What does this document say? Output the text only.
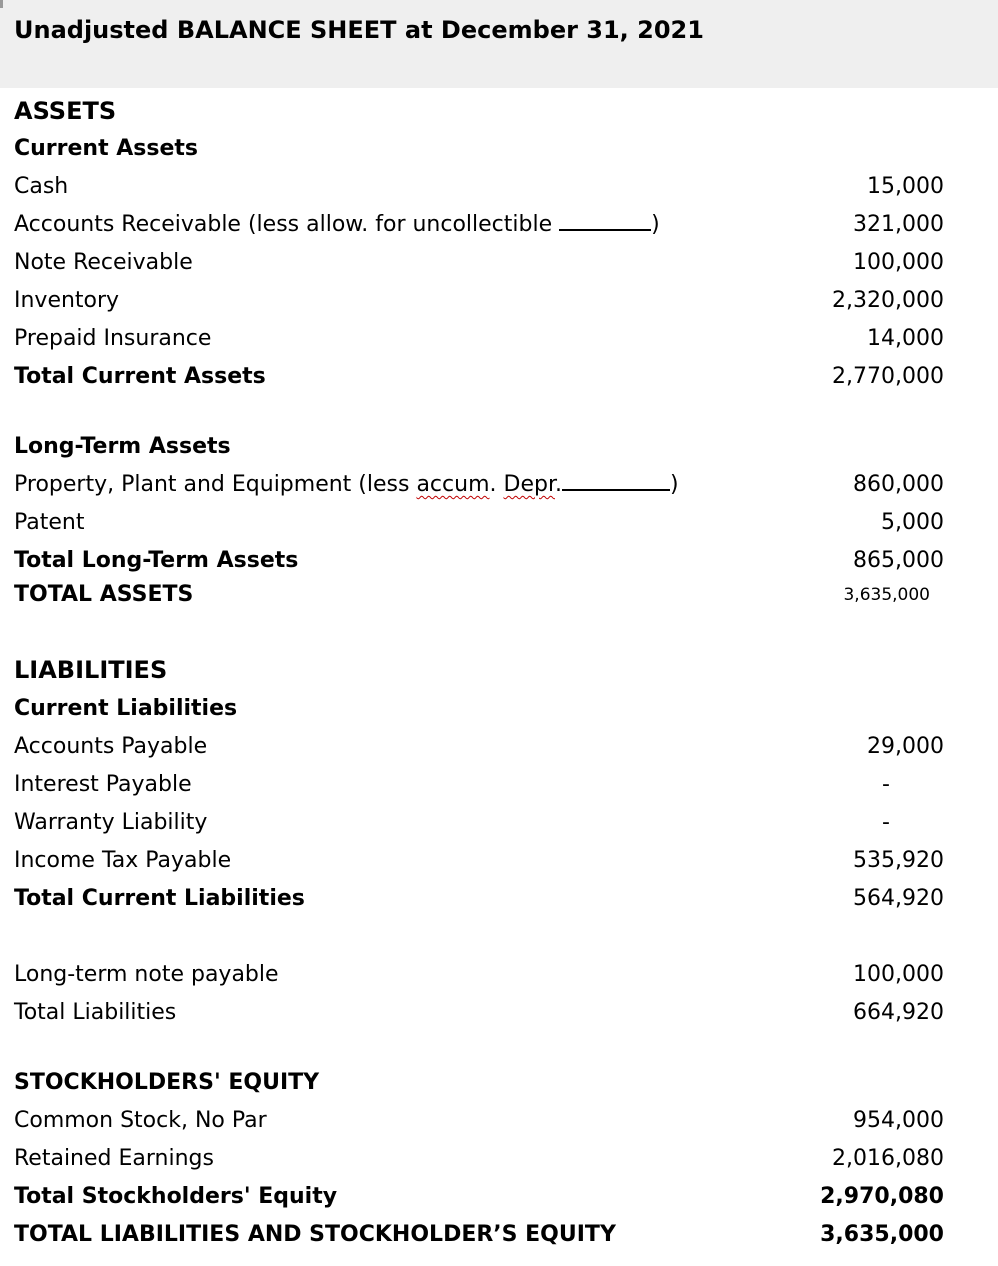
Unadjusted BALANCE SHEET at December 31, 2021
ASSETS
Current Assets
Cash	15,000
Accounts Receivable (less allow. for uncollectible	)	321,000
Note Receivable	100,000
Inventory	2,320,000
Prepaid Insurance	14,000
Total Current Assets	2,770,000
Long-Term Assets
Property, Plant and Equipment (less accum. Depr.	)	860,000
Patent	5,000
Total Long-Term Assets	865,000
TOTAL ASSETS	3,635,000
LIABILITIES
Current Liabilities
Accounts Payable	29,000
Interest Payable	-
Warranty Liability	-
Income Tax Payable	535,920
Total Current Liabilities	564,920
Long-term note payable	100,000
Total Liabilities	664,920
STOCKHOLDERS' EQUITY
Common Stock, No Par	954,000
Retained Earnings	2,016,080
Total Stockholders' Equity	2,970,080
TOTAL LIABILITIES AND STOCKHOLDER’S EQUITY	3,635,000
